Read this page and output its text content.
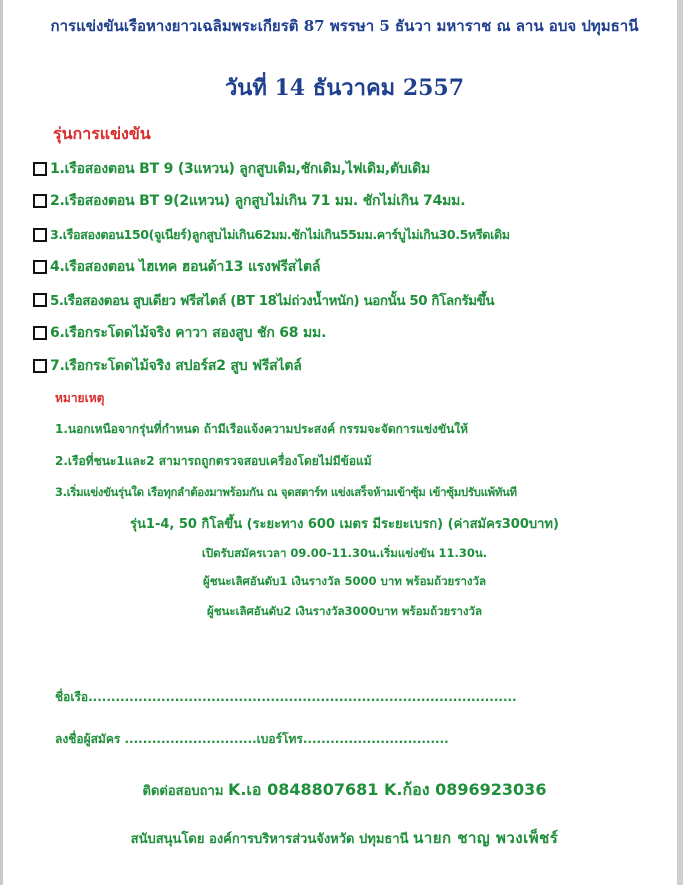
การแข่งขันเรือหางยาวเฉลิมพระเกียรติ 87 พรรษา 5 ธันวา มหาราช ณ ลาน อบจ ปทุมธานี
วันที่ 14 ธันวาคม 2557
รุ่นการแข่งขัน
1.เรือสองตอน BT 9 (3แหวน) ลูกสูบเดิม,ชักเดิม,ไฟเดิม,ตับเดิม
2.เรือสองตอน BT 9(2แหวน) ลูกสูบไม่เกิน 71 มม. ชักไม่เกิน 74มม.
3.เรือสองตอน150(จูเนียร์)ลูกสูบไม่เกิน62มม.ชักไม่เกิน55มม.คาร์บูไม่เกิน30.5หรีดเดิม
4.เรือสองตอน ไฮเทค ฮอนด้า13 แรงฟรีสไตล์
5.เรือสองตอน สูบเดียว ฟรีสไตล์ (BT 18ไม่ถ่วงน้ำหนัก) นอกนั้น 50 กิโลกรัมขึ้น
6.เรือกระโดดไม้จริง คาวา สองสูบ ชัก 68 มม.
7.เรือกระโดดไม้จริง สปอร์ส2 สูบ ฟรีสไตล์
หมายเหตุ
1.นอกเหนือจากรุ่นที่กำหนด ถ้ามีเรือแจ้งความประสงค์ กรรมจะจัดการแข่งขันให้
2.เรือที่ชนะ1และ2 สามารถถูกตรวจสอบเครื่องโดยไม่มีข้อแม้
3.เริ่มแข่งขันรุ่นใด เรือทุกลำต้องมาพร้อมกัน ณ จุดสตาร์ท แข่งเสร็จห้ามเข้าซุ้ม เข้าซุ้มปรับแพ้ทันที
รุ่น1-4, 50 กิโลขึ้น (ระยะทาง 600 เมตร มีระยะเบรก) (ค่าสมัคร300บาท)
เปิดรับสมัครเวลา 09.00-11.30น.เริ่มแข่งขัน 11.30น.
ผู้ชนะเลิศอันดับ1 เงินรางวัล 5000 บาท พร้อมถ้วยรางวัล
ผู้ชนะเลิศอันดับ2 เงินรางวัล3000บาท พร้อมถ้วยรางวัล
ชื่อเรือ..............................................................................................
ลงชื่อผู้สมัคร .............................เบอร์โทร................................
ติดต่อสอบถาม K.เอ 0848807681 K.ก้อง 0896923036
สนับสนุนโดย องค์การบริหารส่วนจังหวัด ปทุมธานี นายก ชาญ พวงเพ็ชร์
